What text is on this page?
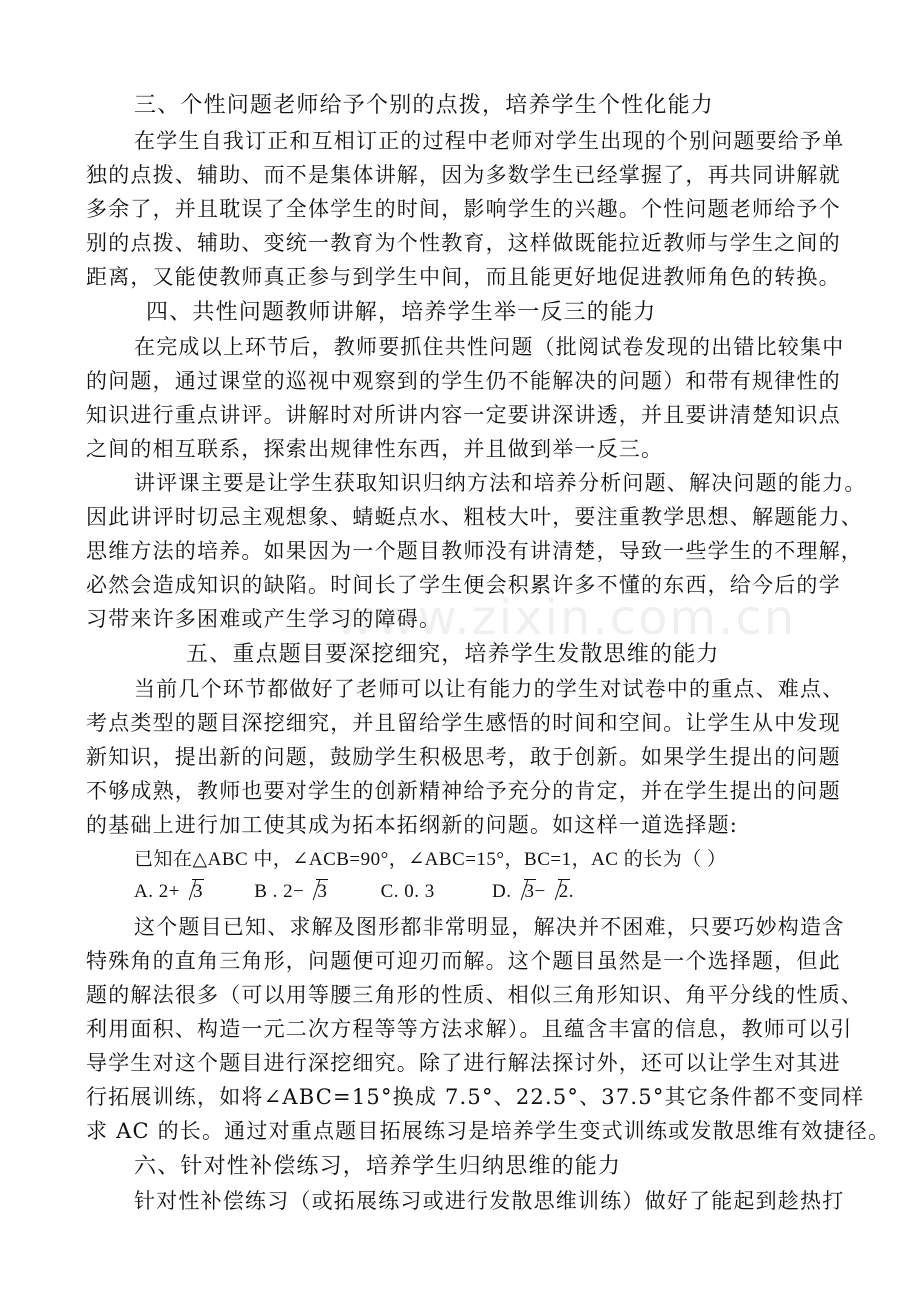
www.zixin.com.cn
三、个性问题老师给予个别的点拨，培养学生个性化能力
在学生自我订正和互相订正的过程中老师对学生出现的个别问题要给予单
独的点拨、辅助、而不是集体讲解，因为多数学生已经掌握了，再共同讲解就
多余了，并且耽误了全体学生的时间，影响学生的兴趣。个性问题老师给予个
别的点拨、辅助、变统一教育为个性教育，这样做既能拉近教师与学生之间的
距离，又能使教师真正参与到学生中间，而且能更好地促进教师角色的转换。
四、共性问题教师讲解，培养学生举一反三的能力
在完成以上环节后，教师要抓住共性问题（批阅试卷发现的出错比较集中
的问题，通过课堂的巡视中观察到的学生仍不能解决的问题）和带有规律性的
知识进行重点讲评。讲解时对所讲内容一定要讲深讲透，并且要讲清楚知识点
之间的相互联系，探索出规律性东西，并且做到举一反三。
讲评课主要是让学生获取知识归纳方法和培养分析问题、解决问题的能力。
因此讲评时切忌主观想象、蜻蜓点水、粗枝大叶，要注重教学思想、解题能力、
思维方法的培养。如果因为一个题目教师没有讲清楚，导致一些学生的不理解，
必然会造成知识的缺陷。时间长了学生便会积累许多不懂的东西，给今后的学
习带来许多困难或产生学习的障碍。
五、重点题目要深挖细究，培养学生发散思维的能力
当前几个环节都做好了老师可以让有能力的学生对试卷中的重点、难点、
考点类型的题目深挖细究，并且留给学生感悟的时间和空间。让学生从中发现
新知识，提出新的问题，鼓励学生积极思考，敢于创新。如果学生提出的问题
不够成熟，教师也要对学生的创新精神给予充分的肯定，并在学生提出的问题
的基础上进行加工使其成为拓本拓纲新的问题。如这样一道选择题:
已知在△ABC 中，∠ACB=90°，∠ABC=15°，BC=1，AC 的长为（ ）
A. 2+ 3	B . 2− 3	C. 0. 3	D.3− 2.
这个题目已知、求解及图形都非常明显，解决并不困难，只要巧妙构造含
特殊角的直角三角形，问题便可迎刃而解。这个题目虽然是一个选择题，但此
题的解法很多（可以用等腰三角形的性质、相似三角形知识、角平分线的性质、
利用面积、构造一元二次方程等等方法求解）。且蕴含丰富的信息，教师可以引
导学生对这个题目进行深挖细究。除了进行解法探讨外，还可以让学生对其进
行拓展训练，如将∠ABC=15°换成 7.5°、22.5°、37.5°其它条件都不变同样
求 AC 的长。通过对重点题目拓展练习是培养学生变式训练或发散思维有效捷径。
六、针对性补偿练习，培养学生归纳思维的能力
针对性补偿练习（或拓展练习或进行发散思维训练）做好了能起到趁热打
